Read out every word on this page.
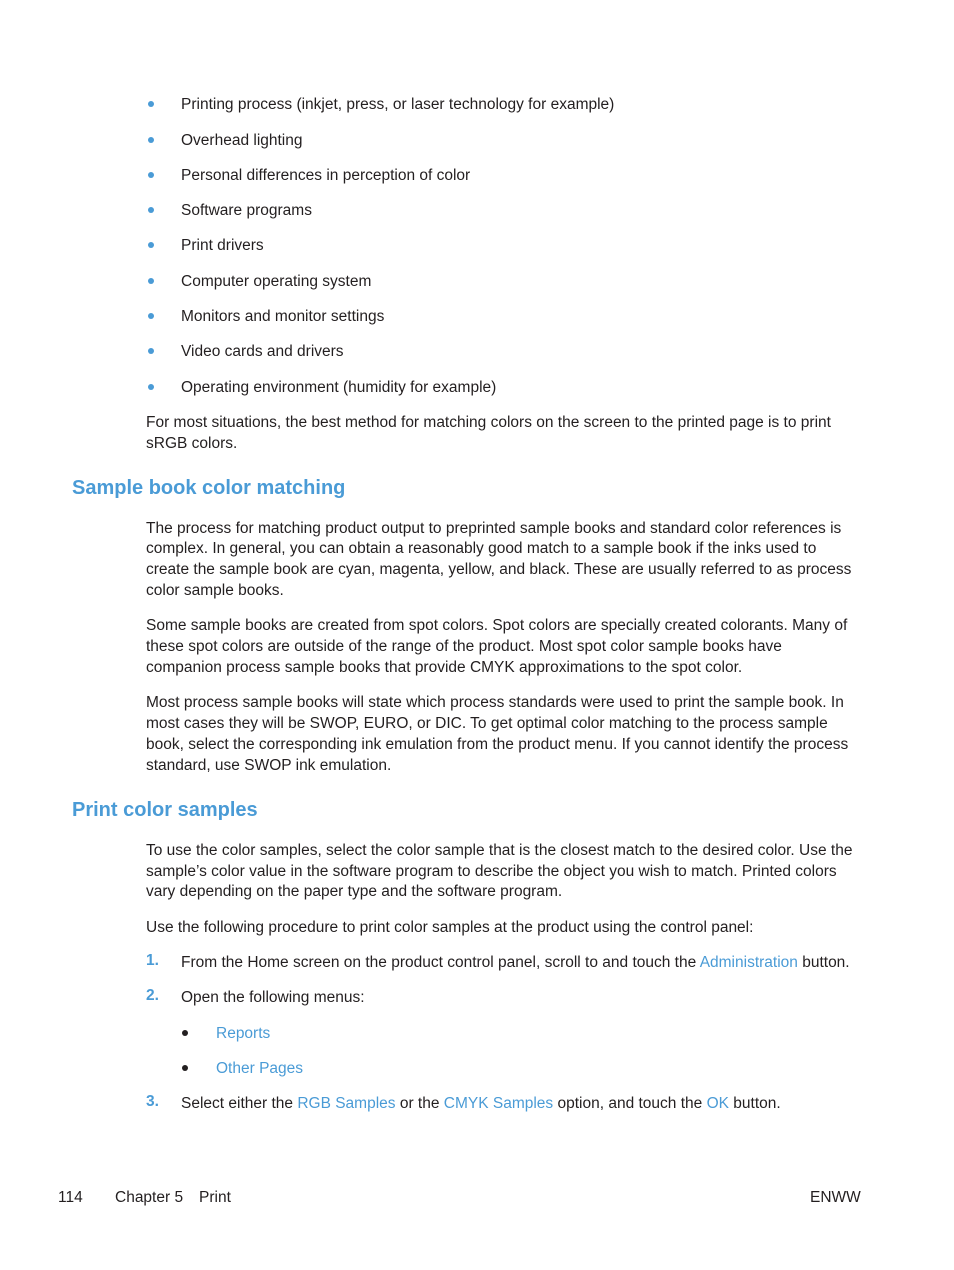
Printing process (inkjet, press, or laser technology for example)
Overhead lighting
Personal differences in perception of color
Software programs
Print drivers
Computer operating system
Monitors and monitor settings
Video cards and drivers
Operating environment (humidity for example)
For most situations, the best method for matching colors on the screen to the printed page is to print
sRGB colors.
Sample book color matching
The process for matching product output to preprinted sample books and standard color references is
complex. In general, you can obtain a reasonably good match to a sample book if the inks used to
create the sample book are cyan, magenta, yellow, and black. These are usually referred to as process
color sample books.
Some sample books are created from spot colors. Spot colors are specially created colorants. Many of
these spot colors are outside of the range of the product. Most spot color sample books have
companion process sample books that provide CMYK approximations to the spot color.
Most process sample books will state which process standards were used to print the sample book. In
most cases they will be SWOP, EURO, or DIC. To get optimal color matching to the process sample
book, select the corresponding ink emulation from the product menu. If you cannot identify the process
standard, use SWOP ink emulation.
Print color samples
To use the color samples, select the color sample that is the closest match to the desired color. Use the
sample’s color value in the software program to describe the object you wish to match. Printed colors
vary depending on the paper type and the software program.
Use the following procedure to print color samples at the product using the control panel:
1. From the Home screen on the product control panel, scroll to and touch the Administration button.
2. Open the following menus:
Reports
Other Pages
3. Select either the RGB Samples or the CMYK Samples option, and touch the OK button.
114 Chapter 5 Print	ENWW
